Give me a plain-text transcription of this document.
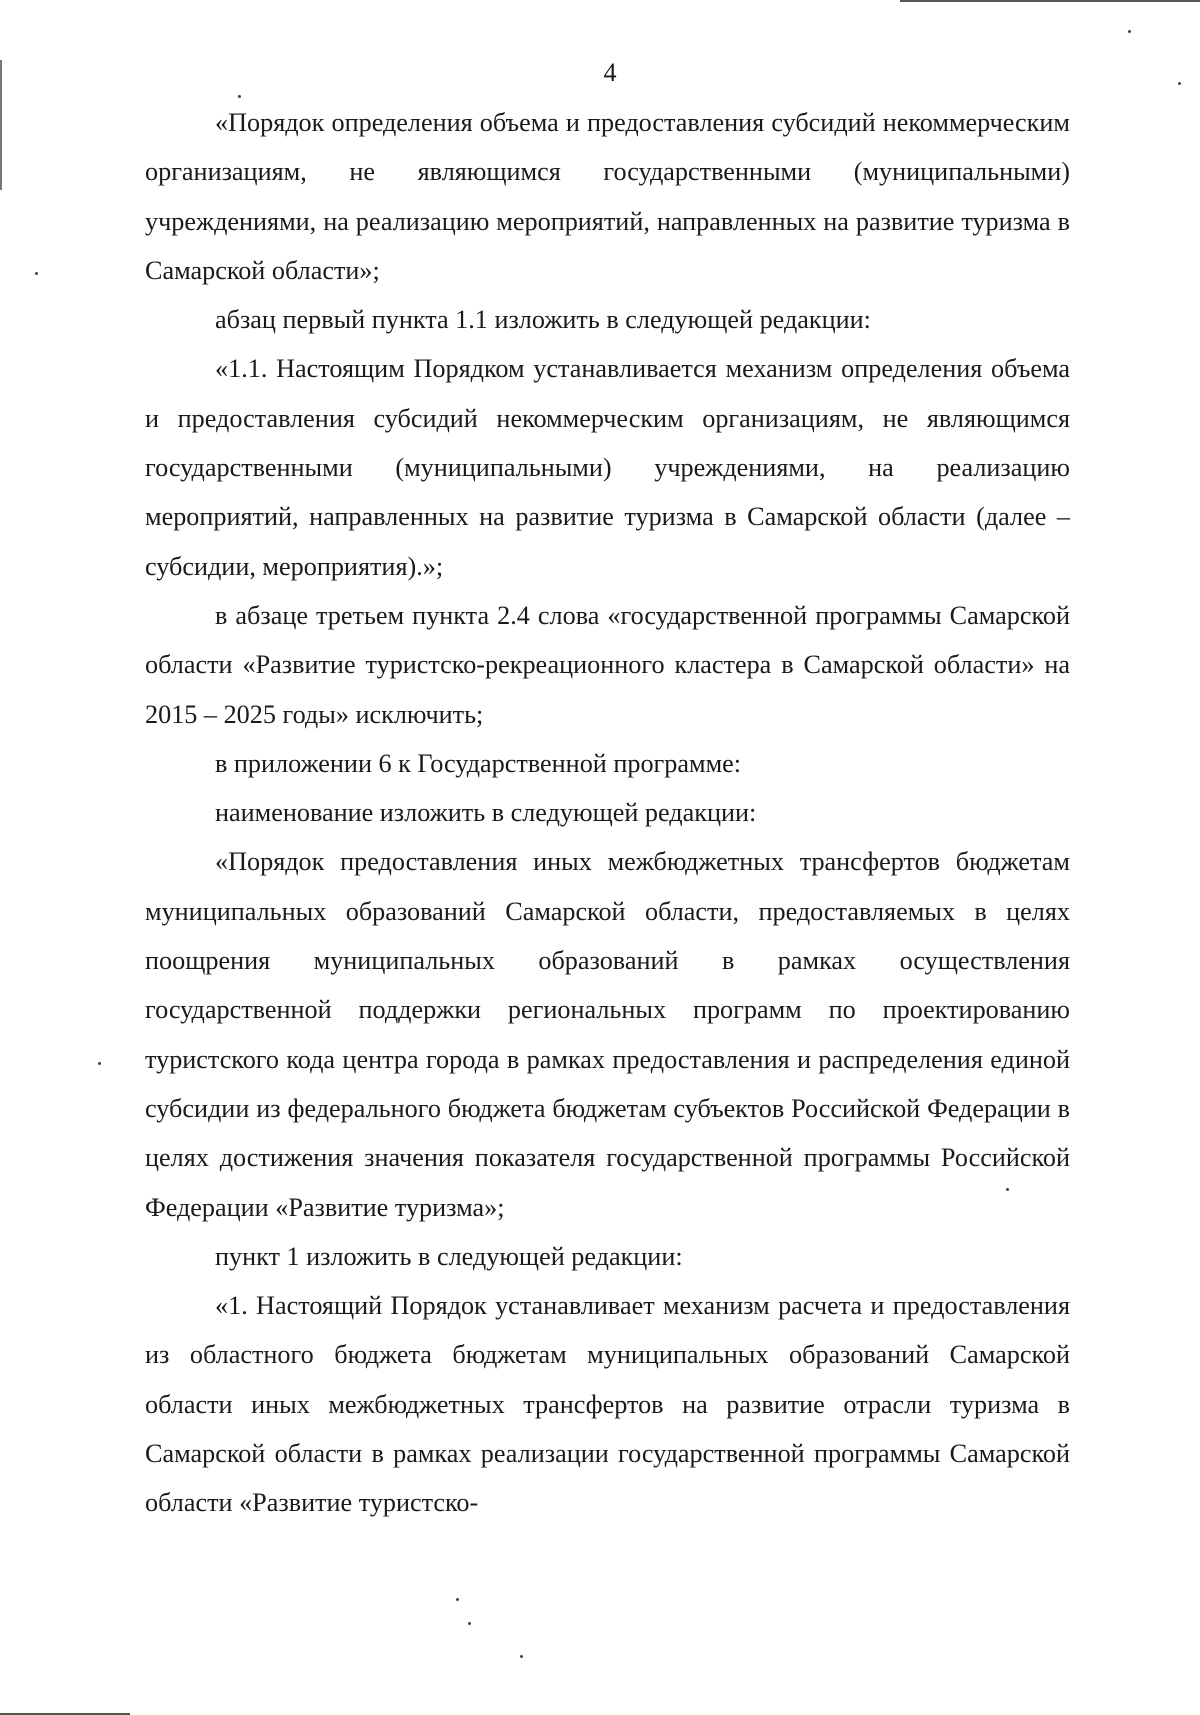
4

«Порядок определения объема и предоставления субсидий некоммерческим организациям, не являющимся государственными (муниципальными) учреждениями, на реализацию мероприятий, направленных на развитие туризма в Самарской области»;

абзац первый пункта 1.1 изложить в следующей редакции:

«1.1. Настоящим Порядком устанавливается механизм определения объема и предоставления субсидий некоммерческим организациям, не являющимся государственными (муниципальными) учреждениями, на реализацию мероприятий, направленных на развитие туризма в Самарской области (далее – субсидии, мероприятия).»;

в абзаце третьем пункта 2.4 слова «государственной программы Самарской области «Развитие туристско-рекреационного кластера в Самарской области» на 2015 – 2025 годы» исключить;

в приложении 6 к Государственной программе:

наименование изложить в следующей редакции:

«Порядок предоставления иных межбюджетных трансфертов бюджетам муниципальных образований Самарской области, предоставляемых в целях поощрения муниципальных образований в рамках осуществления государственной поддержки региональных программ по проектированию туристского кода центра города в рамках предоставления и распределения единой субсидии из федерального бюджета бюджетам субъектов Российской Федерации в целях достижения значения показателя государственной программы Российской Федерации «Развитие туризма»;

пункт 1 изложить в следующей редакции:

«1. Настоящий Порядок устанавливает механизм расчета и предоставления из областного бюджета бюджетам муниципальных образований Самарской области иных межбюджетных трансфертов на развитие отрасли туризма в Самарской области в рамках реализации государственной программы Самарской области «Развитие туристско-
